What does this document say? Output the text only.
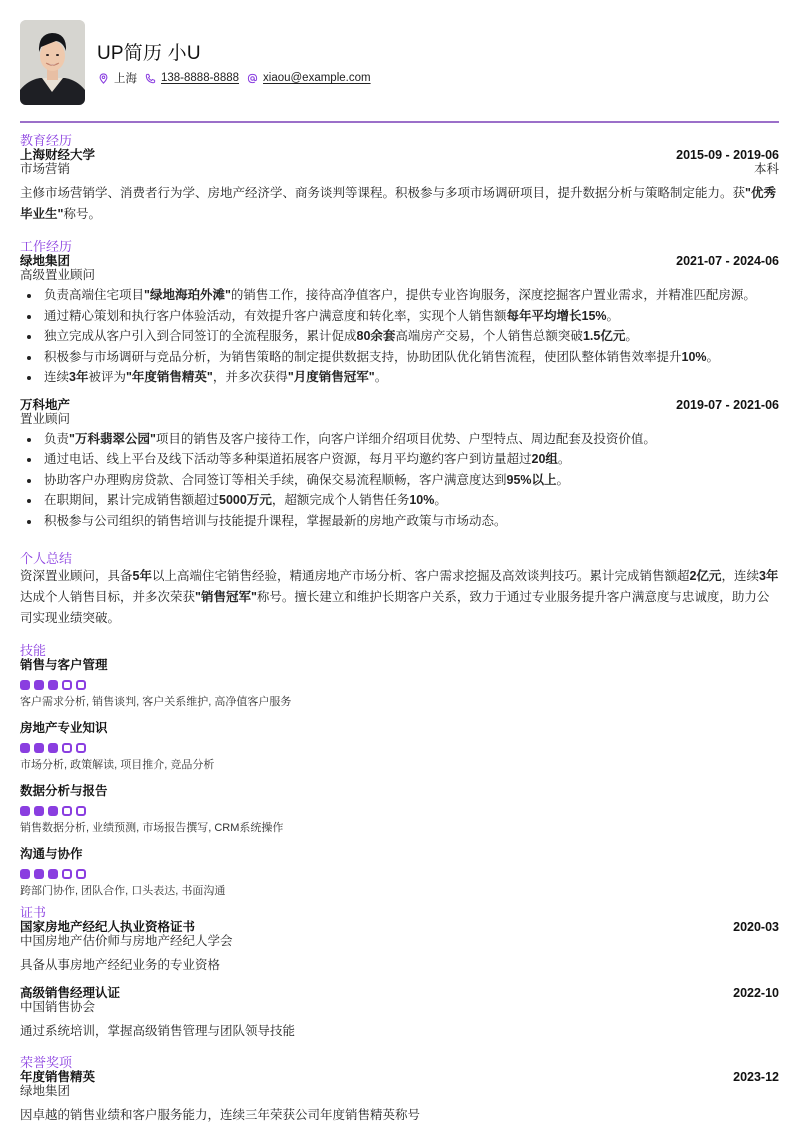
UP简历 小U
上海 138-8888-8888 xiaou@example.com
教育经历
上海财经大学	2015-09 - 2019-06
市场营销	本科
主修市场营销学、消费者行为学、房地产经济学、商务谈判等课程。积极参与多项市场调研项目，提升数据分析与策略制定能力。获"优秀
毕业生"称号。
工作经历
绿地集团	2021-07 - 2024-06
高级置业顾问
负责高端住宅项目"绿地海珀外滩"的销售工作，接待高净值客户，提供专业咨询服务，深度挖掘客户置业需求，并精准匹配房源。
通过精心策划和执行客户体验活动，有效提升客户满意度和转化率，实现个人销售额每年平均增长15%。
独立完成从客户引入到合同签订的全流程服务，累计促成80余套高端房产交易，个人销售总额突破1.5亿元。
积极参与市场调研与竞品分析，为销售策略的制定提供数据支持，协助团队优化销售流程，使团队整体销售效率提升10%。
连续3年被评为"年度销售精英"，并多次获得"月度销售冠军"。
万科地产	2019-07 - 2021-06
置业顾问
负责"万科翡翠公园"项目的销售及客户接待工作，向客户详细介绍项目优势、户型特点、周边配套及投资价值。
通过电话、线上平台及线下活动等多种渠道拓展客户资源，每月平均邀约客户到访量超过20组。
协助客户办理购房贷款、合同签订等相关手续，确保交易流程顺畅，客户满意度达到95%以上。
在职期间，累计完成销售额超过5000万元，超额完成个人销售任务10%。
积极参与公司组织的销售培训与技能提升课程，掌握最新的房地产政策与市场动态。
个人总结
资深置业顾问，具备5年以上高端住宅销售经验，精通房地产市场分析、客户需求挖掘及高效谈判技巧。累计完成销售额超2亿元，连续3年达成个人销售目标，并多次荣获"销售冠军"称号。擅长建立和维护长期客户关系，致力于通过专业服务提升客户满意度与忠诚度，助力公司实现业绩突破。
技能
销售与客户管理
客户需求分析, 销售谈判, 客户关系维护, 高净值客户服务
房地产专业知识
市场分析, 政策解读, 项目推介, 竞品分析
数据分析与报告
销售数据分析, 业绩预测, 市场报告撰写, CRM系统操作
沟通与协作
跨部门协作, 团队合作, 口头表达, 书面沟通
证书
国家房地产经纪人执业资格证书	2020-03
中国房地产估价师与房地产经纪人学会
具备从事房地产经纪业务的专业资格
高级销售经理认证	2022-10
中国销售协会
通过系统培训，掌握高级销售管理与团队领导技能
荣誉奖项
年度销售精英	2023-12
绿地集团
因卓越的销售业绩和客户服务能力，连续三年荣获公司年度销售精英称号
